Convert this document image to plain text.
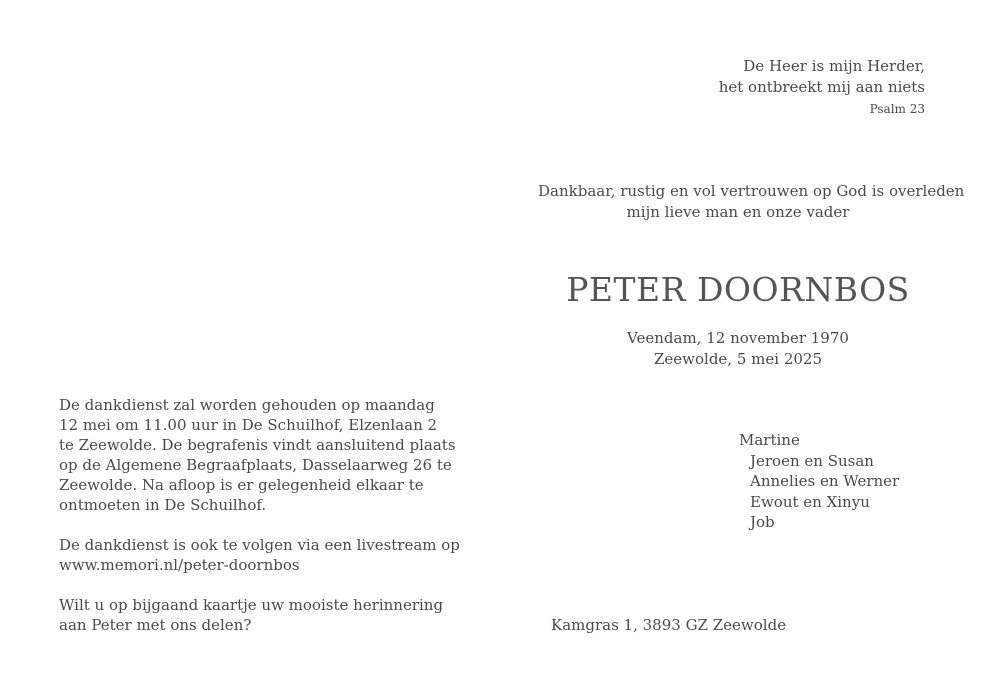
De Heer is mijn Herder,
het ontbreekt mij aan niets
Psalm 23
Dankbaar, rustig en vol vertrouwen op God is overleden
mijn lieve man en onze vader
PETER DOORNBOS
Veendam, 12 november 1970
Zeewolde, 5 mei 2025
Martine
Jeroen en Susan
Annelies en Werner
Ewout en Xinyu
Job
Kamgras 1, 3893 GZ Zeewolde
De dankdienst zal worden gehouden op maandag
12 mei om 11.00 uur in De Schuilhof, Elzenlaan 2
te Zeewolde. De begrafenis vindt aansluitend plaats
op de Algemene Begraafplaats, Dasselaarweg 26 te
Zeewolde. Na afloop is er gelegenheid elkaar te
ontmoeten in De Schuilhof.
De dankdienst is ook te volgen via een livestream op
www.memori.nl/peter-doornbos
Wilt u op bijgaand kaartje uw mooiste herinnering
aan Peter met ons delen?
